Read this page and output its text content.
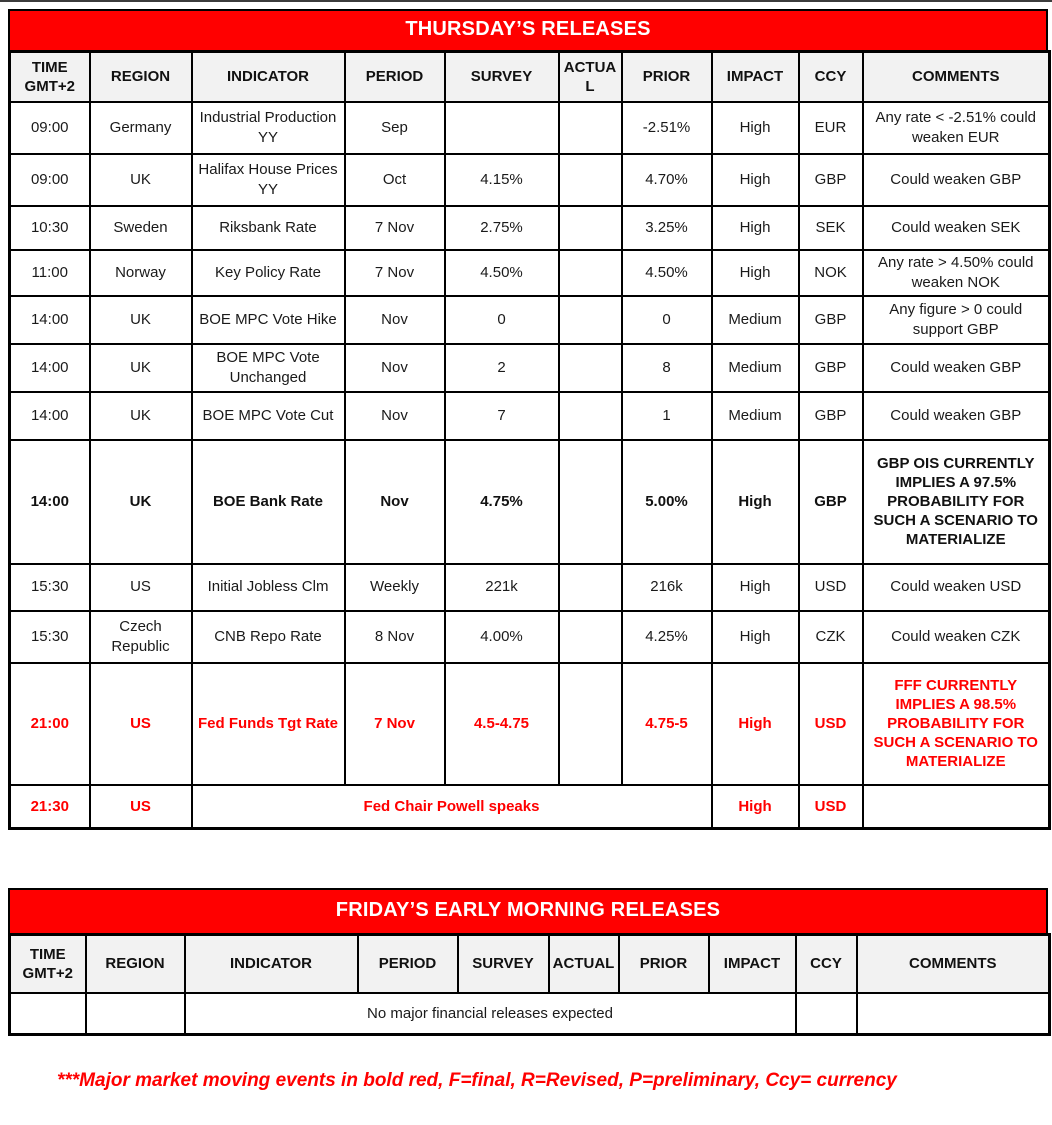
THURSDAY’S RELEASES
TIME GMT+2	REGION	INDICATOR	PERIOD	SURVEY	ACTUAL	PRIOR	IMPACT	CCY	COMMENTS
09:00	Germany	Industrial Production YY	Sep			-2.51%	High	EUR	Any rate < -2.51% could weaken EUR
09:00	UK	Halifax House Prices YY	Oct	4.15%		4.70%	High	GBP	Could weaken GBP
10:30	Sweden	Riksbank Rate	7 Nov	2.75%		3.25%	High	SEK	Could weaken SEK
11:00	Norway	Key Policy Rate	7 Nov	4.50%		4.50%	High	NOK	Any rate > 4.50% could weaken NOK
14:00	UK	BOE MPC Vote Hike	Nov	0		0	Medium	GBP	Any figure > 0 could support GBP
14:00	UK	BOE MPC Vote Unchanged	Nov	2		8	Medium	GBP	Could weaken GBP
14:00	UK	BOE MPC Vote Cut	Nov	7		1	Medium	GBP	Could weaken GBP
14:00	UK	BOE Bank Rate	Nov	4.75%		5.00%	High	GBP	GBP OIS CURRENTLY IMPLIES A 97.5% PROBABILITY FOR SUCH A SCENARIO TO MATERIALIZE
15:30	US	Initial Jobless Clm	Weekly	221k		216k	High	USD	Could weaken USD
15:30	Czech Republic	CNB Repo Rate	8 Nov	4.00%		4.25%	High	CZK	Could weaken CZK
21:00	US	Fed Funds Tgt Rate	7 Nov	4.5-4.75		4.75-5	High	USD	FFF CURRENTLY IMPLIES A 98.5% PROBABILITY FOR SUCH A SCENARIO TO MATERIALIZE
21:30	US	Fed Chair Powell speaks					High	USD	
FRIDAY’S EARLY MORNING RELEASES
TIME GMT+2	REGION	INDICATOR	PERIOD	SURVEY	ACTUAL	PRIOR	IMPACT	CCY	COMMENTS
		No major financial releases expected							

***Major market moving events in bold red, F=final, R=Revised, P=preliminary, Ccy= currency
